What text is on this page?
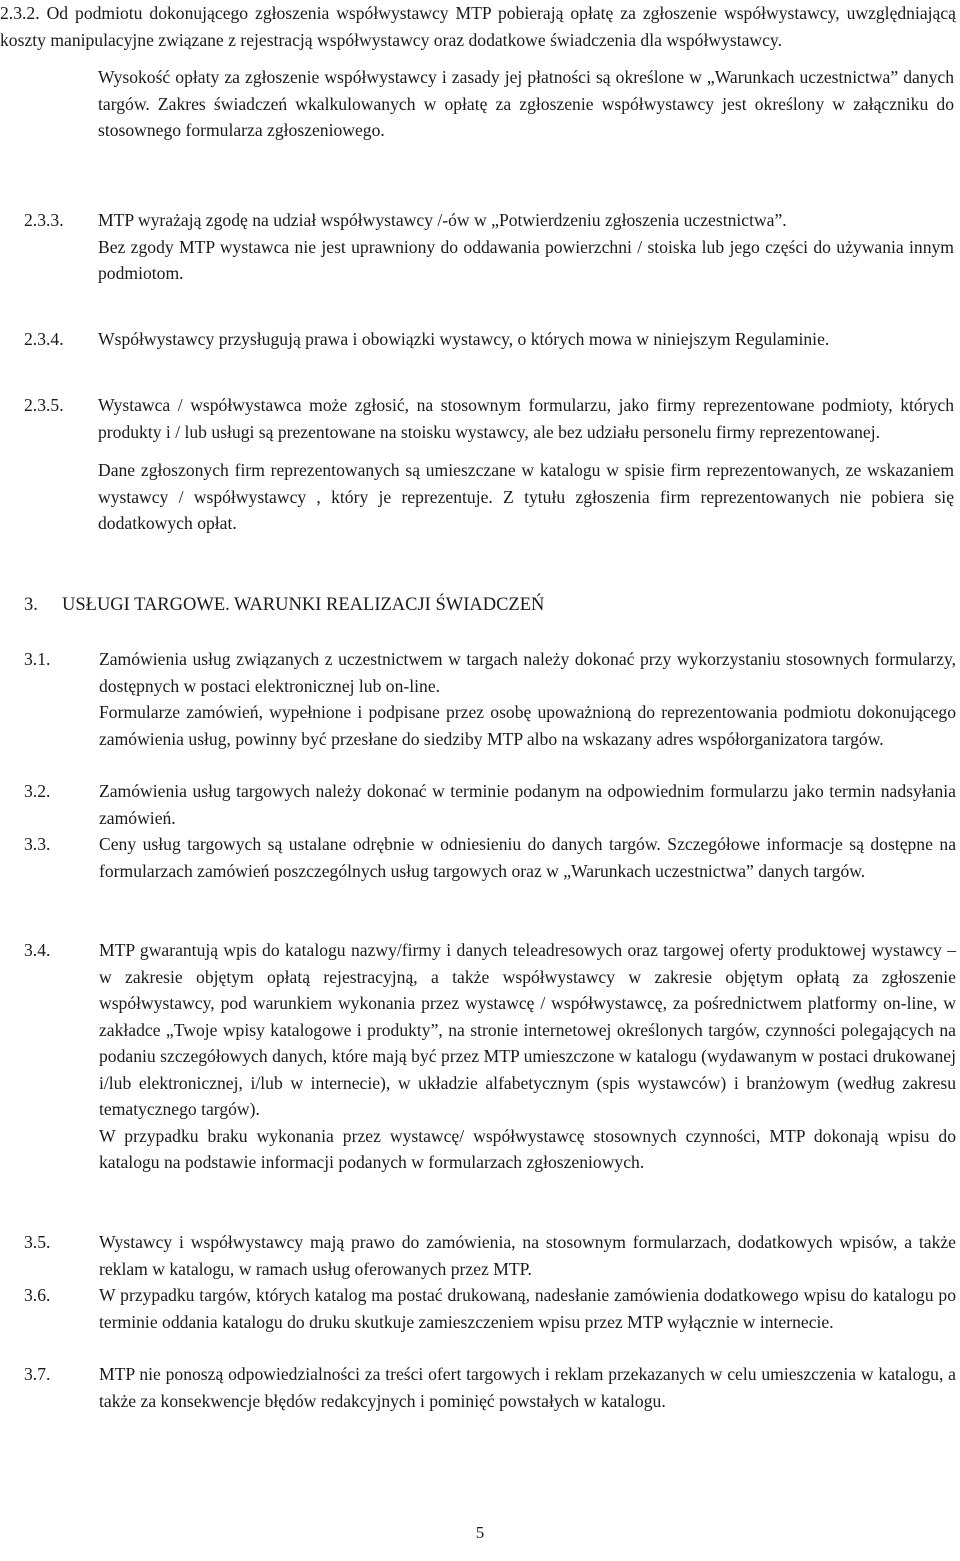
2.3.2. Od podmiotu dokonującego zgłoszenia współwystawcy MTP pobierają opłatę za zgłoszenie współwystawcy, uwzględniającą koszty manipulacyjne związane z rejestracją współwystawcy oraz dodatkowe świadczenia dla współwystawcy.

Wysokość opłaty za zgłoszenie współwystawcy i zasady jej płatności są określone w „Warunkach uczestnictwa” danych targów. Zakres świadczeń wkalkulowanych w opłatę za zgłoszenie współwystawcy jest określony w załączniku do stosownego formularza zgłoszeniowego.

2.3.3. MTP wyrażają zgodę na udział współwystawcy /-ów w „Potwierdzeniu zgłoszenia uczestnictwa”.

Bez zgody MTP wystawca nie jest uprawniony do oddawania powierzchni / stoiska lub jego części do używania innym podmiotom.

2.3.4. Współwystawcy przysługują prawa i obowiązki wystawcy, o których mowa w niniejszym Regulaminie.

2.3.5. Wystawca / współwystawca może zgłosić, na stosownym formularzu, jako firmy reprezentowane podmioty, których produkty i / lub usługi są prezentowane na stoisku wystawcy, ale bez udziału personelu firmy reprezentowanej.

Dane zgłoszonych firm reprezentowanych są umieszczane w katalogu w spisie firm reprezentowanych, ze wskazaniem wystawcy / współwystawcy , który je reprezentuje. Z tytułu zgłoszenia firm reprezentowanych nie pobiera się dodatkowych opłat.

3. USŁUGI TARGOWE. WARUNKI REALIZACJI ŚWIADCZEŃ
3.1.	Zamówienia usług związanych z uczestnictwem w targach należy dokonać przy wykorzystaniu stosownych formularzy, dostępnych w postaci elektronicznej lub on-line.

Formularze zamówień, wypełnione i podpisane przez osobę upoważnioną do reprezentowania podmiotu dokonującego zamówienia usług, powinny być przesłane do siedziby MTP albo na wskazany adres współorganizatora targów.

3.2.	Zamówienia usług targowych należy dokonać w terminie podanym na odpowiednim formularzu jako termin nadsyłania zamówień.

3.3.	Ceny usług targowych są ustalane odrębnie w odniesieniu do danych targów. Szczegółowe informacje są dostępne na formularzach zamówień poszczególnych usług targowych oraz w „Warunkach uczestnictwa” danych targów.

3.4.	MTP gwarantują wpis do katalogu nazwy/firmy i danych teleadresowych oraz targowej oferty produktowej wystawcy – w zakresie objętym opłatą rejestracyjną, a także współwystawcy w zakresie objętym opłatą za zgłoszenie współwystawcy, pod warunkiem wykonania przez wystawcę / współwystawcę, za pośrednictwem platformy on-line, w zakładce „Twoje wpisy katalogowe i produkty”, na stronie internetowej określonych targów, czynności polegających na podaniu szczegółowych danych, które mają być przez MTP umieszczone w katalogu (wydawanym w postaci drukowanej i/lub elektronicznej, i/lub w internecie), w układzie alfabetycznym (spis wystawców) i branżowym (według zakresu tematycznego targów).

W przypadku braku wykonania przez wystawcę/ współwystawcę stosownych czynności, MTP dokonają wpisu do katalogu na podstawie informacji podanych w formularzach zgłoszeniowych.

3.5.	Wystawcy i współwystawcy mają prawo do zamówienia, na stosownym formularzach, dodatkowych wpisów, a także reklam w katalogu, w ramach usług oferowanych przez MTP.

3.6.	W przypadku targów, których katalog ma postać drukowaną, nadesłanie zamówienia dodatkowego wpisu do katalogu po terminie oddania katalogu do druku skutkuje zamieszczeniem wpisu przez MTP wyłącznie w internecie.

3.7.	MTP nie ponoszą odpowiedzialności za treści ofert targowych i reklam przekazanych w celu umieszczenia w katalogu, a także za konsekwencje błędów redakcyjnych i pominięć powstałych w katalogu.

5
